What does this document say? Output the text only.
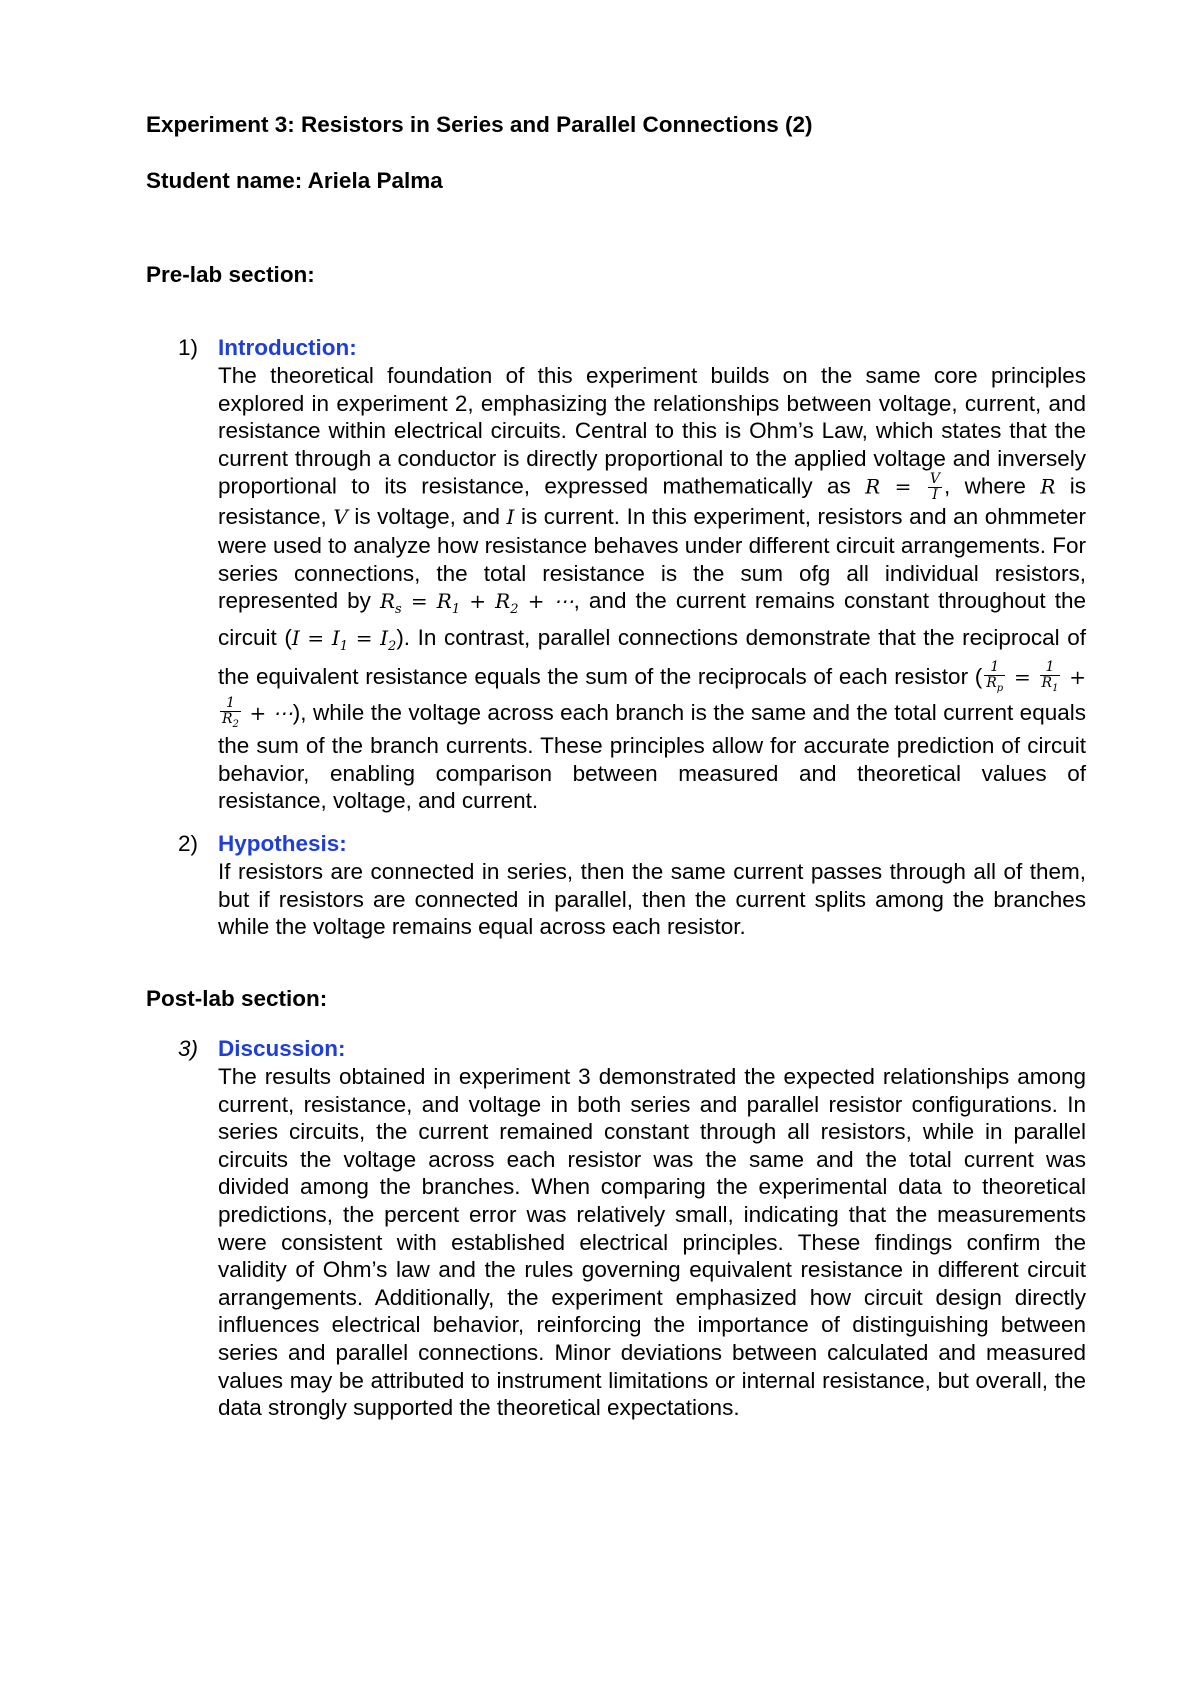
Experiment 3: Resistors in Series and Parallel Connections (2)

Student name: Ariela Palma

Pre-lab section:

1) Introduction:

The theoretical foundation of this experiment builds on the same core principles explored in experiment 2, emphasizing the relationships between voltage, current, and resistance within electrical circuits. Central to this is Ohm’s Law, which states that the current through a conductor is directly proportional to the applied voltage and inversely proportional to its resistance, expressed mathematically as $R = \frac{V}{I}$ , where R is resistance, V is voltage, and I is current. In this experiment, resistors and an ohmmeter were used to analyze how resistance behaves under different circuit arrangements. For series connections, the total resistance is the sum ofg all individual resistors, represented by $R_s = R_1 + R_2$ + ⋯, and the current remains constant throughout the circuit $(I = I_1 = I_2)$. In contrast, parallel connections demonstrate that the reciprocal of the equivalent resistance equals the sum of the reciprocals of each resistor ( $\frac{1}{R_p} = \frac{1}{R_1}$ +
$\frac{1}{R_2}$ + ⋯), while the voltage across each branch is the same and the total current equals the sum of the branch currents. These principles allow for accurate prediction of circuit behavior, enabling comparison between measured and theoretical values of resistance, voltage, and current.

2) Hypothesis:

If resistors are connected in series, then the same current passes through all of them, but if resistors are connected in parallel, then the current splits among the branches while the voltage remains equal across each resistor.

Post-lab section:

3) Discussion:

The results obtained in experiment 3 demonstrated the expected relationships among current, resistance, and voltage in both series and parallel resistor configurations. In series circuits, the current remained constant through all resistors, while in parallel circuits the voltage across each resistor was the same and the total current was divided among the branches. When comparing the experimental data to theoretical predictions, the percent error was relatively small, indicating that the measurements were consistent with established electrical principles. These findings confirm the validity of Ohm’s law and the rules governing equivalent resistance in different circuit arrangements. Additionally, the experiment emphasized how circuit design directly influences electrical behavior, reinforcing the importance of distinguishing between series and parallel connections. Minor deviations between calculated and measured values may be attributed to instrument limitations or internal resistance, but overall, the data strongly supported the theoretical expectations.
